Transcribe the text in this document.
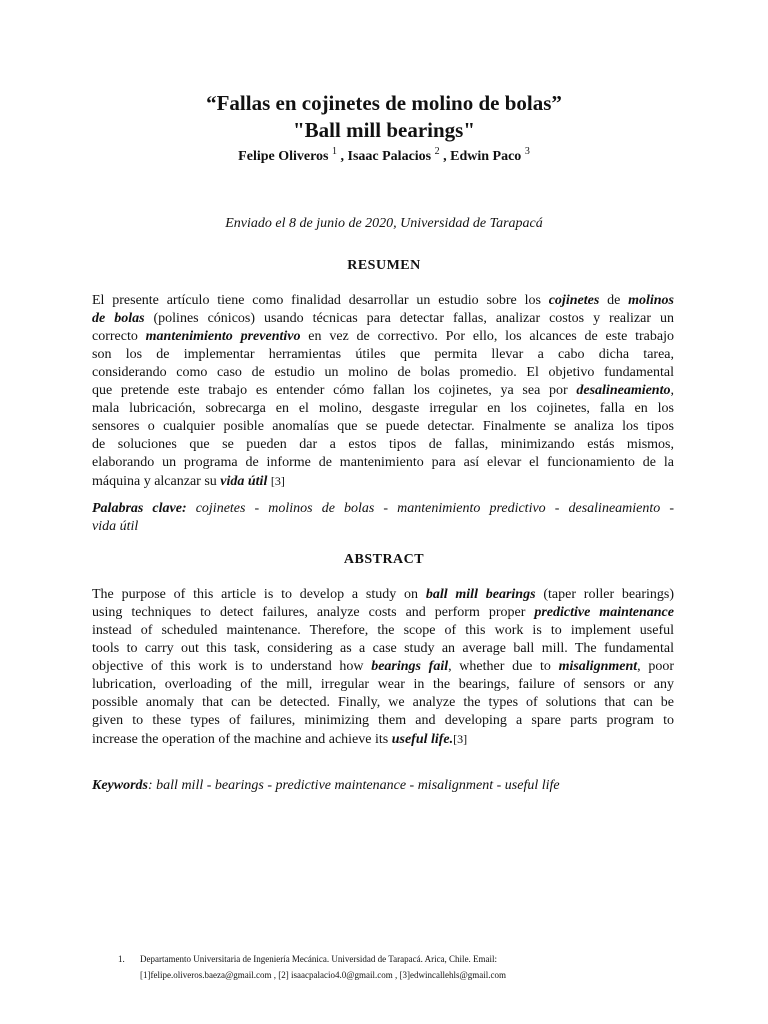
“Fallas en cojinetes de molino de bolas”
"Ball mill bearings"
Felipe Oliveros $^1$ , Isaac Palacios $^2$ , Edwin Paco $^3$
Enviado el 8 de junio de 2020, Universidad de Tarapacá
RESUMEN
El presente artículo tiene como finalidad desarrollar un estudio sobre los cojinetes de molinos
de bolas (polines cónicos) usando técnicas para detectar fallas, analizar costos y realizar un
correcto mantenimiento preventivo en vez de correctivo. Por ello, los alcances de este trabajo
son los de implementar herramientas útiles que permita llevar a cabo dicha tarea,
considerando como caso de estudio un molino de bolas promedio. El objetivo fundamental
que pretende este trabajo es entender cómo fallan los cojinetes, ya sea por desalineamiento,
mala lubricación, sobrecarga en el molino, desgaste irregular en los cojinetes, falla en los
sensores o cualquier posible anomalías que se puede detectar. Finalmente se analiza los tipos
de soluciones que se pueden dar a estos tipos de fallas, minimizando estás mismos,
elaborando un programa de informe de mantenimiento para así elevar el funcionamiento de la
máquina y alcanzar su vida útil [3]
Palabras clave: cojinetes - molinos de bolas - mantenimiento predictivo - desalineamiento -
vida útil
ABSTRACT
The purpose of this article is to develop a study on ball mill bearings (taper roller bearings)
using techniques to detect failures, analyze costs and perform proper predictive maintenance
instead of scheduled maintenance. Therefore, the scope of this work is to implement useful
tools to carry out this task, considering as a case study an average ball mill. The fundamental
objective of this work is to understand how bearings fail, whether due to misalignment, poor
lubrication, overloading of the mill, irregular wear in the bearings, failure of sensors or any
possible anomaly that can be detected. Finally, we analyze the types of solutions that can be
given to these types of failures, minimizing them and developing a spare parts program to
increase the operation of the machine and achieve its useful life.[3]
Keywords: ball mill - bearings - predictive maintenance - misalignment - useful life
1. Departamento Universitaria de Ingeniería Mecánica. Universidad de Tarapacá. Arica, Chile. Email:
[1]felipe.oliveros.baeza@gmail.com , [2] isaacpalacio4.0@gmail.com , [3]edwincallehls@gmail.com
